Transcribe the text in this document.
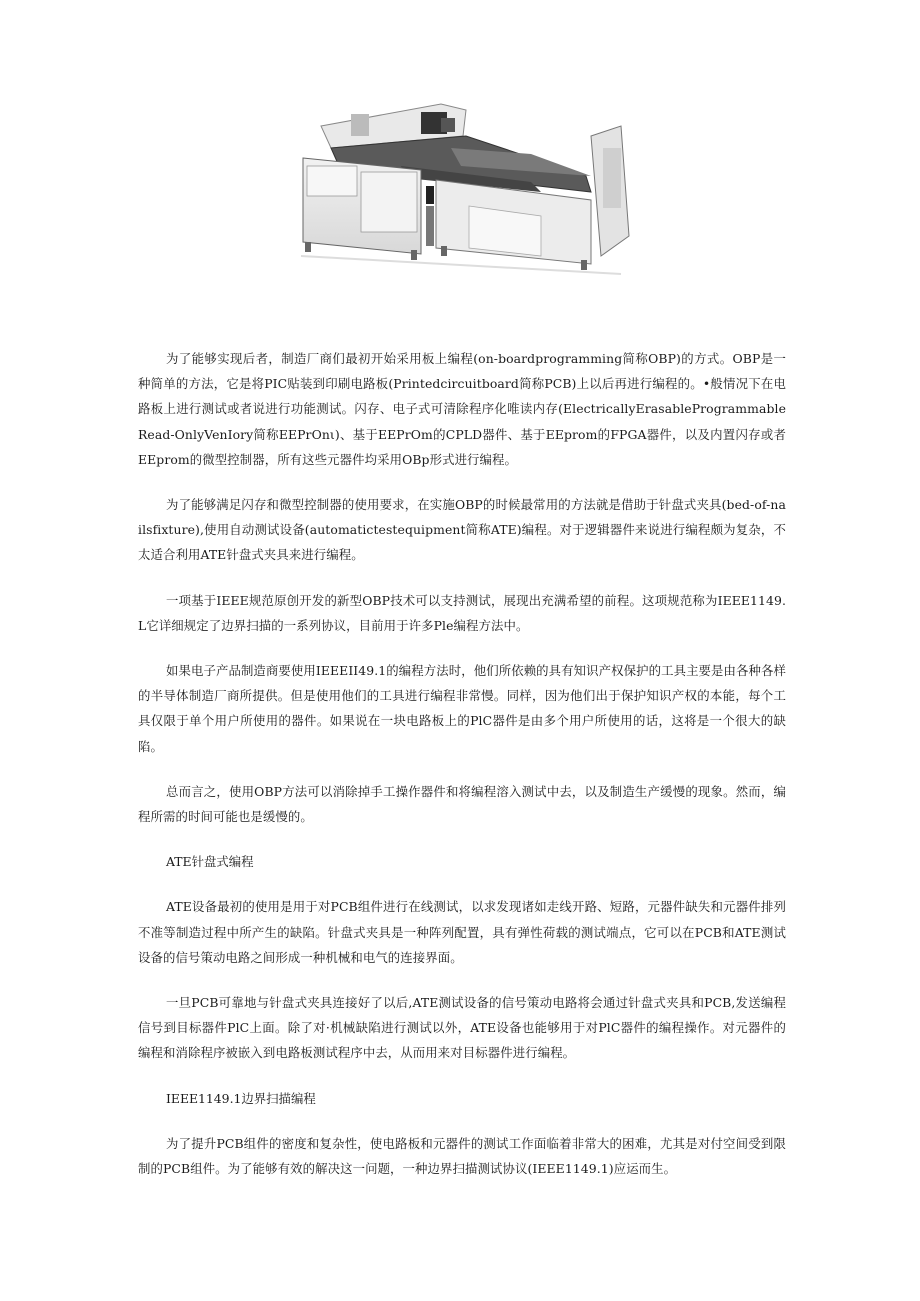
为了能够实现后者，制造厂商们最初开始采用板上编程(on-boardprogramming简称OBP)的方式。OBP是一种简单的方法，它是将PIC贴装到印刷电路板(Printedcircuitboard简称PCB)上以后再进行编程的。•般情况下在电路板上进行测试或者说进行功能测试。闪存、电子式可清除程序化唯读内存(ElectricallyErasableProgrammableRead-OnlyVenIory简称EEPrOnι)、基于EEPrOm的CPLD器件、基于EEprom的FPGA器件，以及内置闪存或者EEprom的微型控制器，所有这些元器件均采用OBp形式进行编程。

为了能够满足闪存和微型控制器的使用要求，在实施OBP的时候最常用的方法就是借助于针盘式夹具(bed-of-nailsfixture),使用自动测试设备(automatictestequipment简称ATE)编程。对于逻辑器件来说进行编程颇为复杂，不太适合利用ATE针盘式夹具来进行编程。

一项基于IEEE规范原创开发的新型OBP技术可以支持测试，展现出充满希望的前程。这项规范称为IEEE1149.L它详细规定了边界扫描的一系列协议，目前用于许多Ple编程方法中。

如果电子产品制造商要使用IEEEII49.1的编程方法时，他们所依赖的具有知识产权保护的工具主要是由各种各样的半导体制造厂商所提供。但是使用他们的工具进行编程非常慢。同样，因为他们出于保护知识产权的本能，每个工具仅限于单个用户所使用的器件。如果说在一块电路板上的PlC器件是由多个用户所使用的话，这将是一个很大的缺陷。

总而言之，使用OBP方法可以消除掉手工操作器件和将编程溶入测试中去，以及制造生产缓慢的现象。然而，编程所需的时间可能也是缓慢的。

ATE针盘式编程

ATE设备最初的使用是用于对PCB组件进行在线测试，以求发现诸如走线开路、短路，元器件缺失和元器件排列不准等制造过程中所产生的缺陷。针盘式夹具是一种阵列配置，具有弹性荷载的测试端点，它可以在PCB和ATE测试设备的信号策动电路之间形成一种机械和电气的连接界面。

一旦PCB可靠地与针盘式夹具连接好了以后,ATE测试设备的信号策动电路将会通过针盘式夹具和PCB,发送编程信号到目标器件PlC上面。除了对·机械缺陷进行测试以外，ATE设备也能够用于对PlC器件的编程操作。对元器件的编程和消除程序被嵌入到电路板测试程序中去，从而用来对目标器件进行编程。

IEEE1149.1边界扫描编程

为了提升PCB组件的密度和复杂性，使电路板和元器件的测试工作面临着非常大的困难，尤其是对付空间受到限制的PCB组件。为了能够有效的解决这一问题，一种边界扫描测试协议(IEEE1149.1)应运而生。
